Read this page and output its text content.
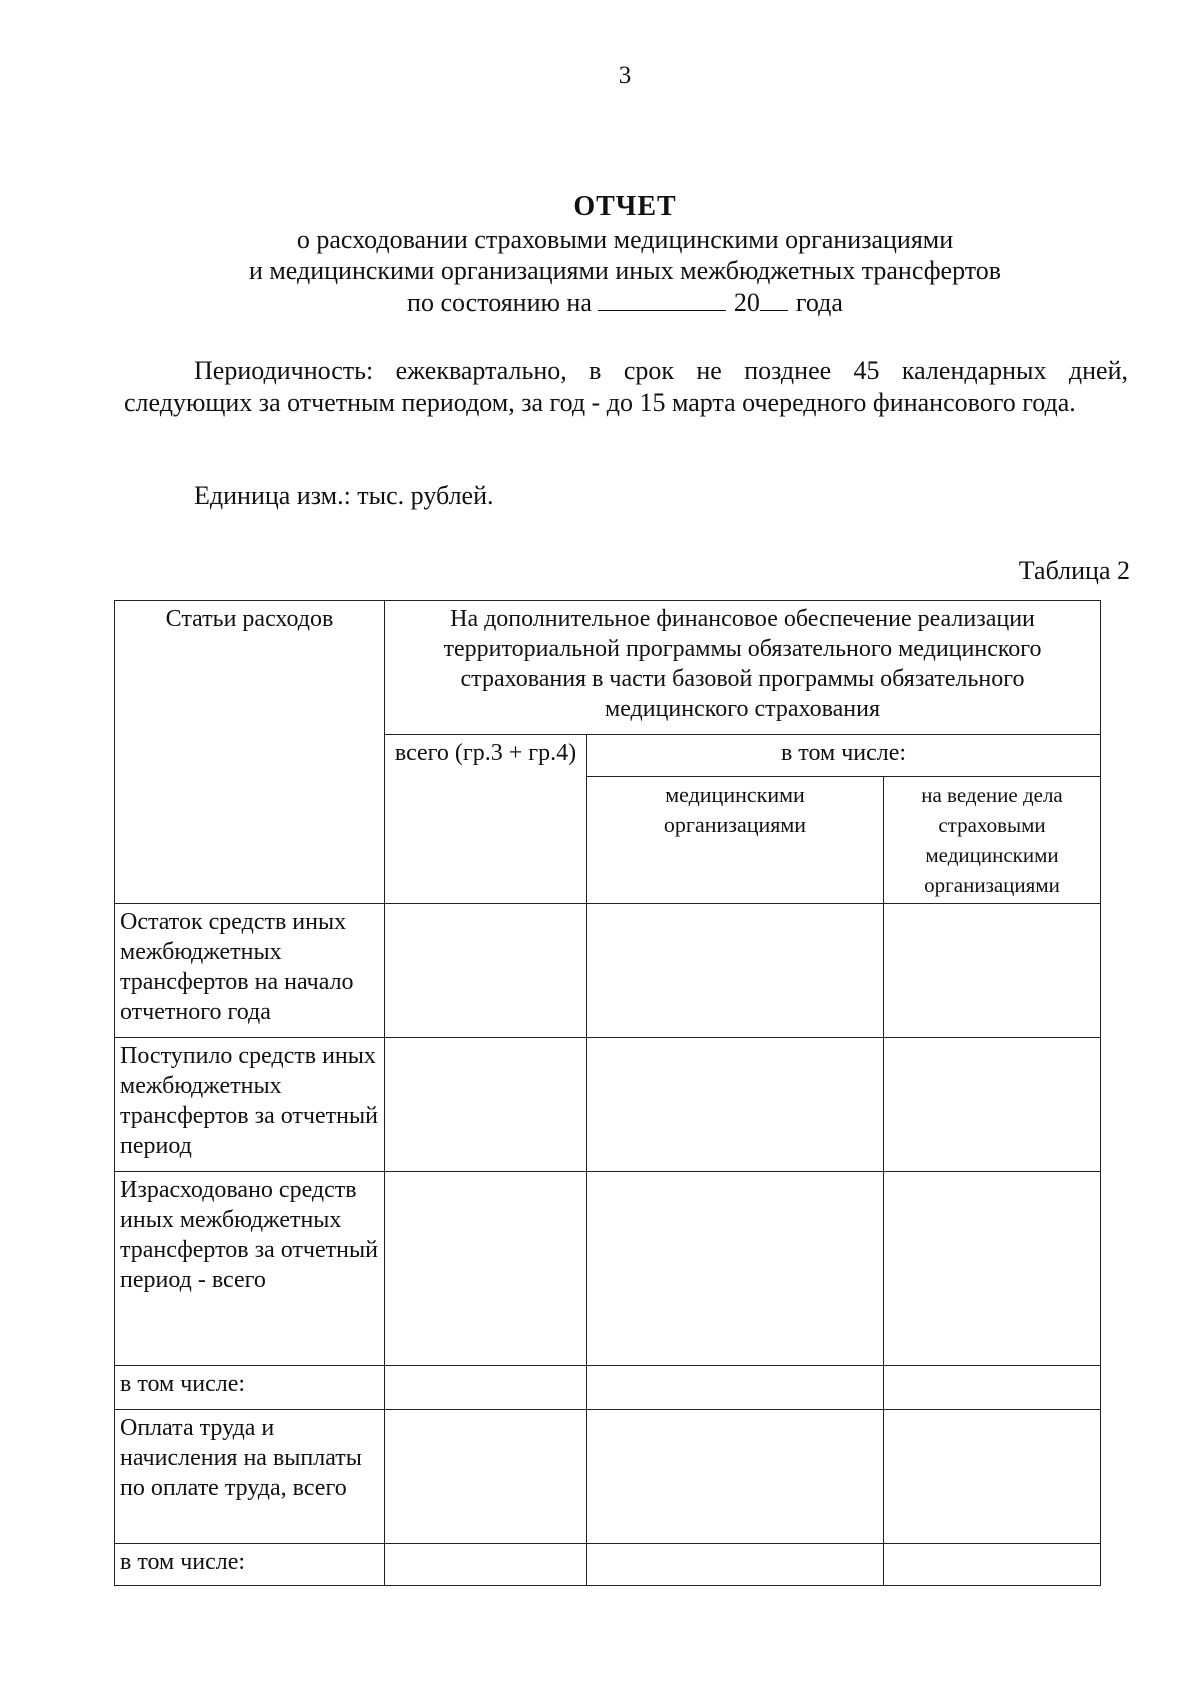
3
ОТЧЕТ
о расходовании страховыми медицинскими организациями
и медицинскими организациями иных межбюджетных трансфертов
по состоянию на	20 года
Периодичность: ежеквартально, в срок не позднее 45 календарных дней, следующих за отчетным периодом, за год - до 15 марта очередного финансового года.
Единица изм.: тыс. рублей.
Таблица 2
Статьи расходов	На дополнительное финансовое обеспечение реализации территориальной программы обязательного медицинского страхования в части базовой программы обязательного медицинского страхования		
	всего (гр.3 + гр.4)	в том числе:	
		медицинскими организациями	на ведение дела страховыми медицинскими организациями
Остаток средств иных межбюджетных трансфертов на начало отчетного года			
Поступило средств иных межбюджетных трансфертов за отчетный период			
Израсходовано средств иных межбюджетных трансфертов за отчетный период - всего			
в том числе:			
Оплата труда и начисления на выплаты по оплате труда, всего			
в том числе:			
